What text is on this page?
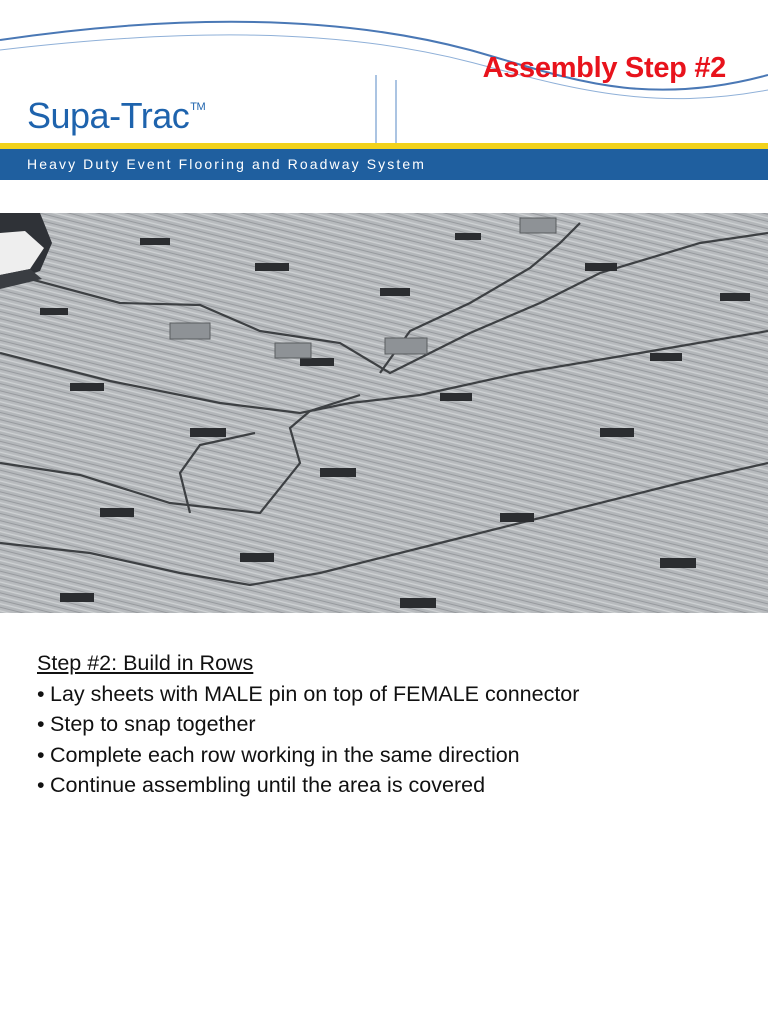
Assembly Step #2
Supa-Trac™
Heavy Duty Event Flooring and Roadway System
Step #2: Build in Rows
• Lay sheets with MALE pin on top of FEMALE connector
• Step to snap together
• Complete each row working in the same direction
• Continue assembling until the area is covered
